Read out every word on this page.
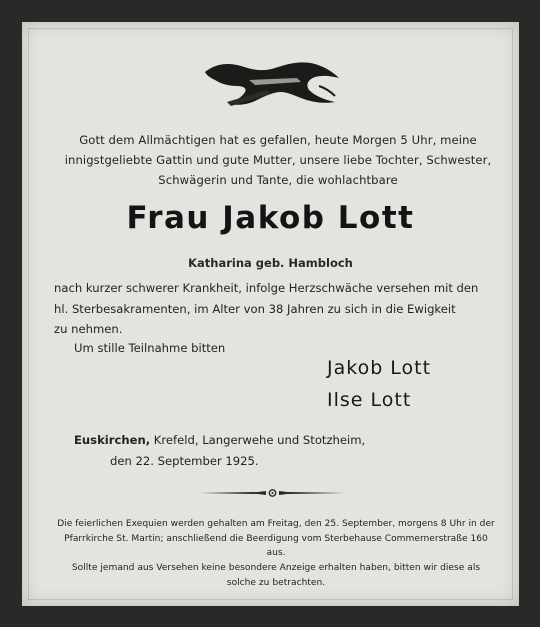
Gott dem Allmächtigen hat es gefallen, heute Morgen 5 Uhr, meine
innigstgeliebte Gattin und gute Mutter, unsere liebe Tochter, Schwester,
Schwägerin und Tante, die wohlachtbare
Frau Jakob Lott
Katharina geb. Hambloch
nach kurzer schwerer Krankheit, infolge Herzschwäche versehen mit den
hl. Sterbesakramenten, im Alter von 38 Jahren zu sich in die Ewigkeit
zu nehmen.
Um stille Teilnahme bitten
Jakob Lott
Ilse Lott
Euskirchen, Krefeld, Langerwehe und Stotzheim,
den 22. September 1925.
Die feierlichen Exequien werden gehalten am Freitag, den 25. September, morgens 8 Uhr in der Pfarrkirche St. Martin; anschließend die Beerdigung vom Sterbehause Commernerstraße 160 aus.
Sollte jemand aus Versehen keine besondere Anzeige erhalten haben, bitten wir diese als solche zu betrachten.
